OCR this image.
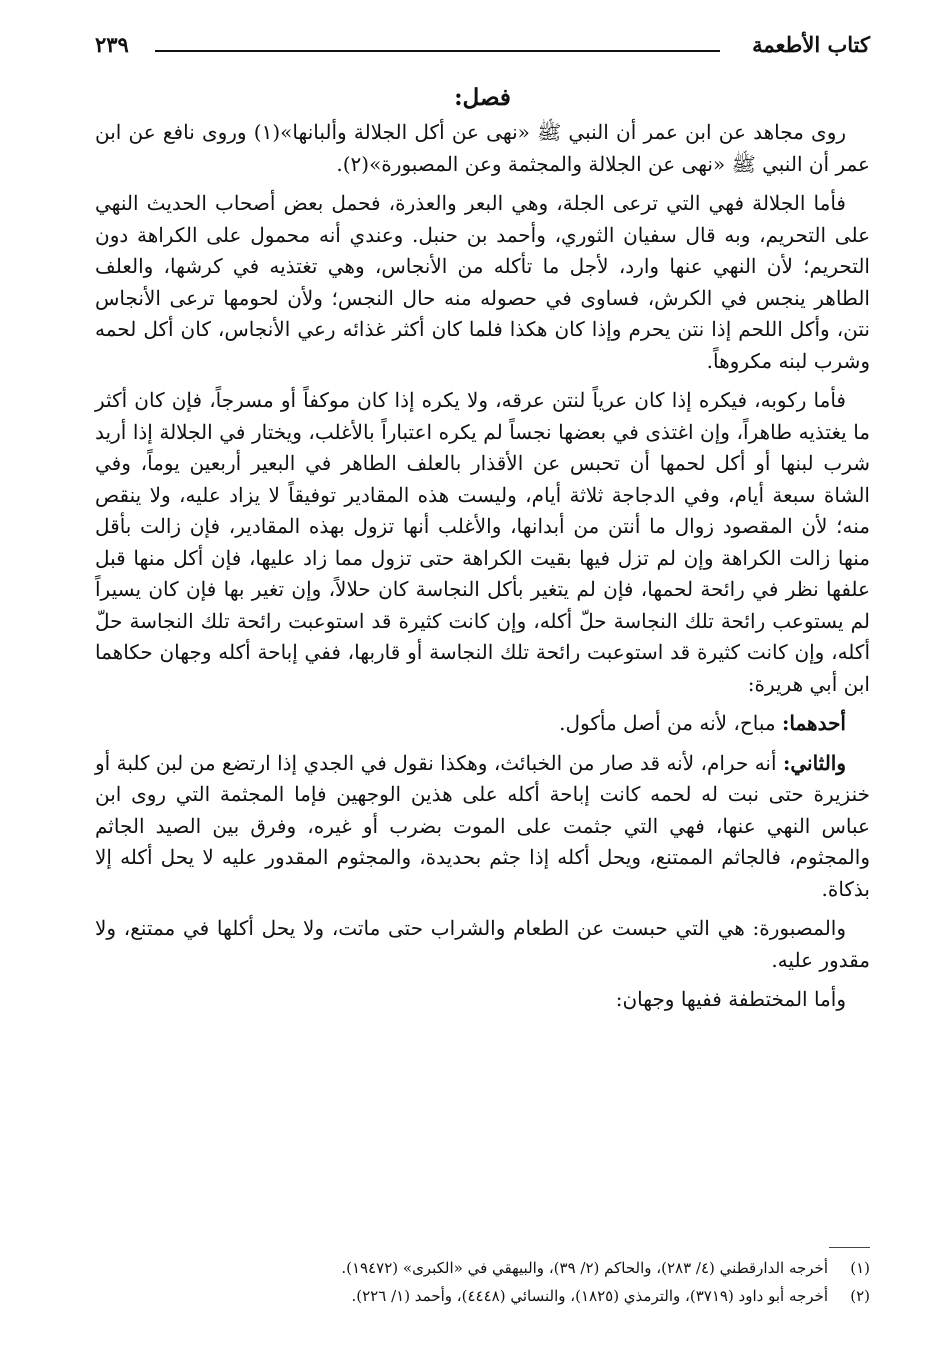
كتاب الأطعمة
٢٣٩
فصل:

روى مجاهد عن ابن عمر أن النبي ﷺ «نهى عن أكل الجلالة وألبانها»(١) وروى نافع عن ابن عمر أن النبي ﷺ «نهى عن الجلالة والمجثمة وعن المصبورة»(٢).

فأما الجلالة فهي التي ترعى الجلة، وهي البعر والعذرة، فحمل بعض أصحاب الحديث النهي على التحريم، وبه قال سفيان الثوري، وأحمد بن حنبل. وعندي أنه محمول على الكراهة دون التحريم؛ لأن النهي عنها وارد، لأجل ما تأكله من الأنجاس، وهي تغتذيه في كرشها، والعلف الطاهر ينجس في الكرش، فساوى في حصوله منه حال النجس؛ ولأن لحومها ترعى الأنجاس نتن، وأكل اللحم إذا نتن يحرم وإذا كان هكذا فلما كان أكثر غذائه رعي الأنجاس، كان أكل لحمه وشرب لبنه مكروهاً.

فأما ركوبه، فيكره إذا كان عرياً لنتن عرقه، ولا يكره إذا كان موكفاً أو مسرجاً، فإن كان أكثر ما يغتذيه طاهراً، وإن اغتذى في بعضها نجساً لم يكره اعتباراً بالأغلب، ويختار في الجلالة إذا أريد شرب لبنها أو أكل لحمها أن تحبس عن الأقذار بالعلف الطاهر في البعير أربعين يوماً، وفي الشاة سبعة أيام، وفي الدجاجة ثلاثة أيام، وليست هذه المقادير توفيقاً لا يزاد عليه، ولا ينقص منه؛ لأن المقصود زوال ما أنتن من أبدانها، والأغلب أنها تزول بهذه المقادير، فإن زالت بأقل منها زالت الكراهة وإن لم تزل فيها بقيت الكراهة حتى تزول مما زاد عليها، فإن أكل منها قبل علفها نظر في رائحة لحمها، فإن لم يتغير بأكل النجاسة كان حلالاً، وإن تغير بها فإن كان يسيراً لم يستوعب رائحة تلك النجاسة حلّ أكله، وإن كانت كثيرة قد استوعبت رائحة تلك النجاسة حلّ أكله، وإن كانت كثيرة قد استوعبت رائحة تلك النجاسة أو قاربها، ففي إباحة أكله وجهان حكاهما ابن أبي هريرة:

أحدهما: مباح، لأنه من أصل مأكول.

والثاني: أنه حرام، لأنه قد صار من الخبائث، وهكذا نقول في الجدي إذا ارتضع من لبن كلبة أو خنزيرة حتى نبت له لحمه كانت إباحة أكله على هذين الوجهين فإما المجثمة التي روى ابن عباس النهي عنها، فهي التي جثمت على الموت بضرب أو غيره، وفرق بين الصيد الجاثم والمجثوم، فالجاثم الممتنع، ويحل أكله إذا جثم بحديدة، والمجثوم المقدور عليه لا يحل أكله إلا بذكاة.

والمصبورة: هي التي حبست عن الطعام والشراب حتى ماتت، ولا يحل أكلها في ممتنع، ولا مقدور عليه.

وأما المختطفة ففيها وجهان:

(١)
أخرجه الدارقطني (٤/ ٢٨٣)، والحاكم (٢/ ٣٩)، والبيهقي في «الكبرى» (١٩٤٧٢).
(٢)
أخرجه أبو داود (٣٧١٩)، والترمذي (١٨٢٥)، والنسائي (٤٤٤٨)، وأحمد (١/ ٢٢٦).
